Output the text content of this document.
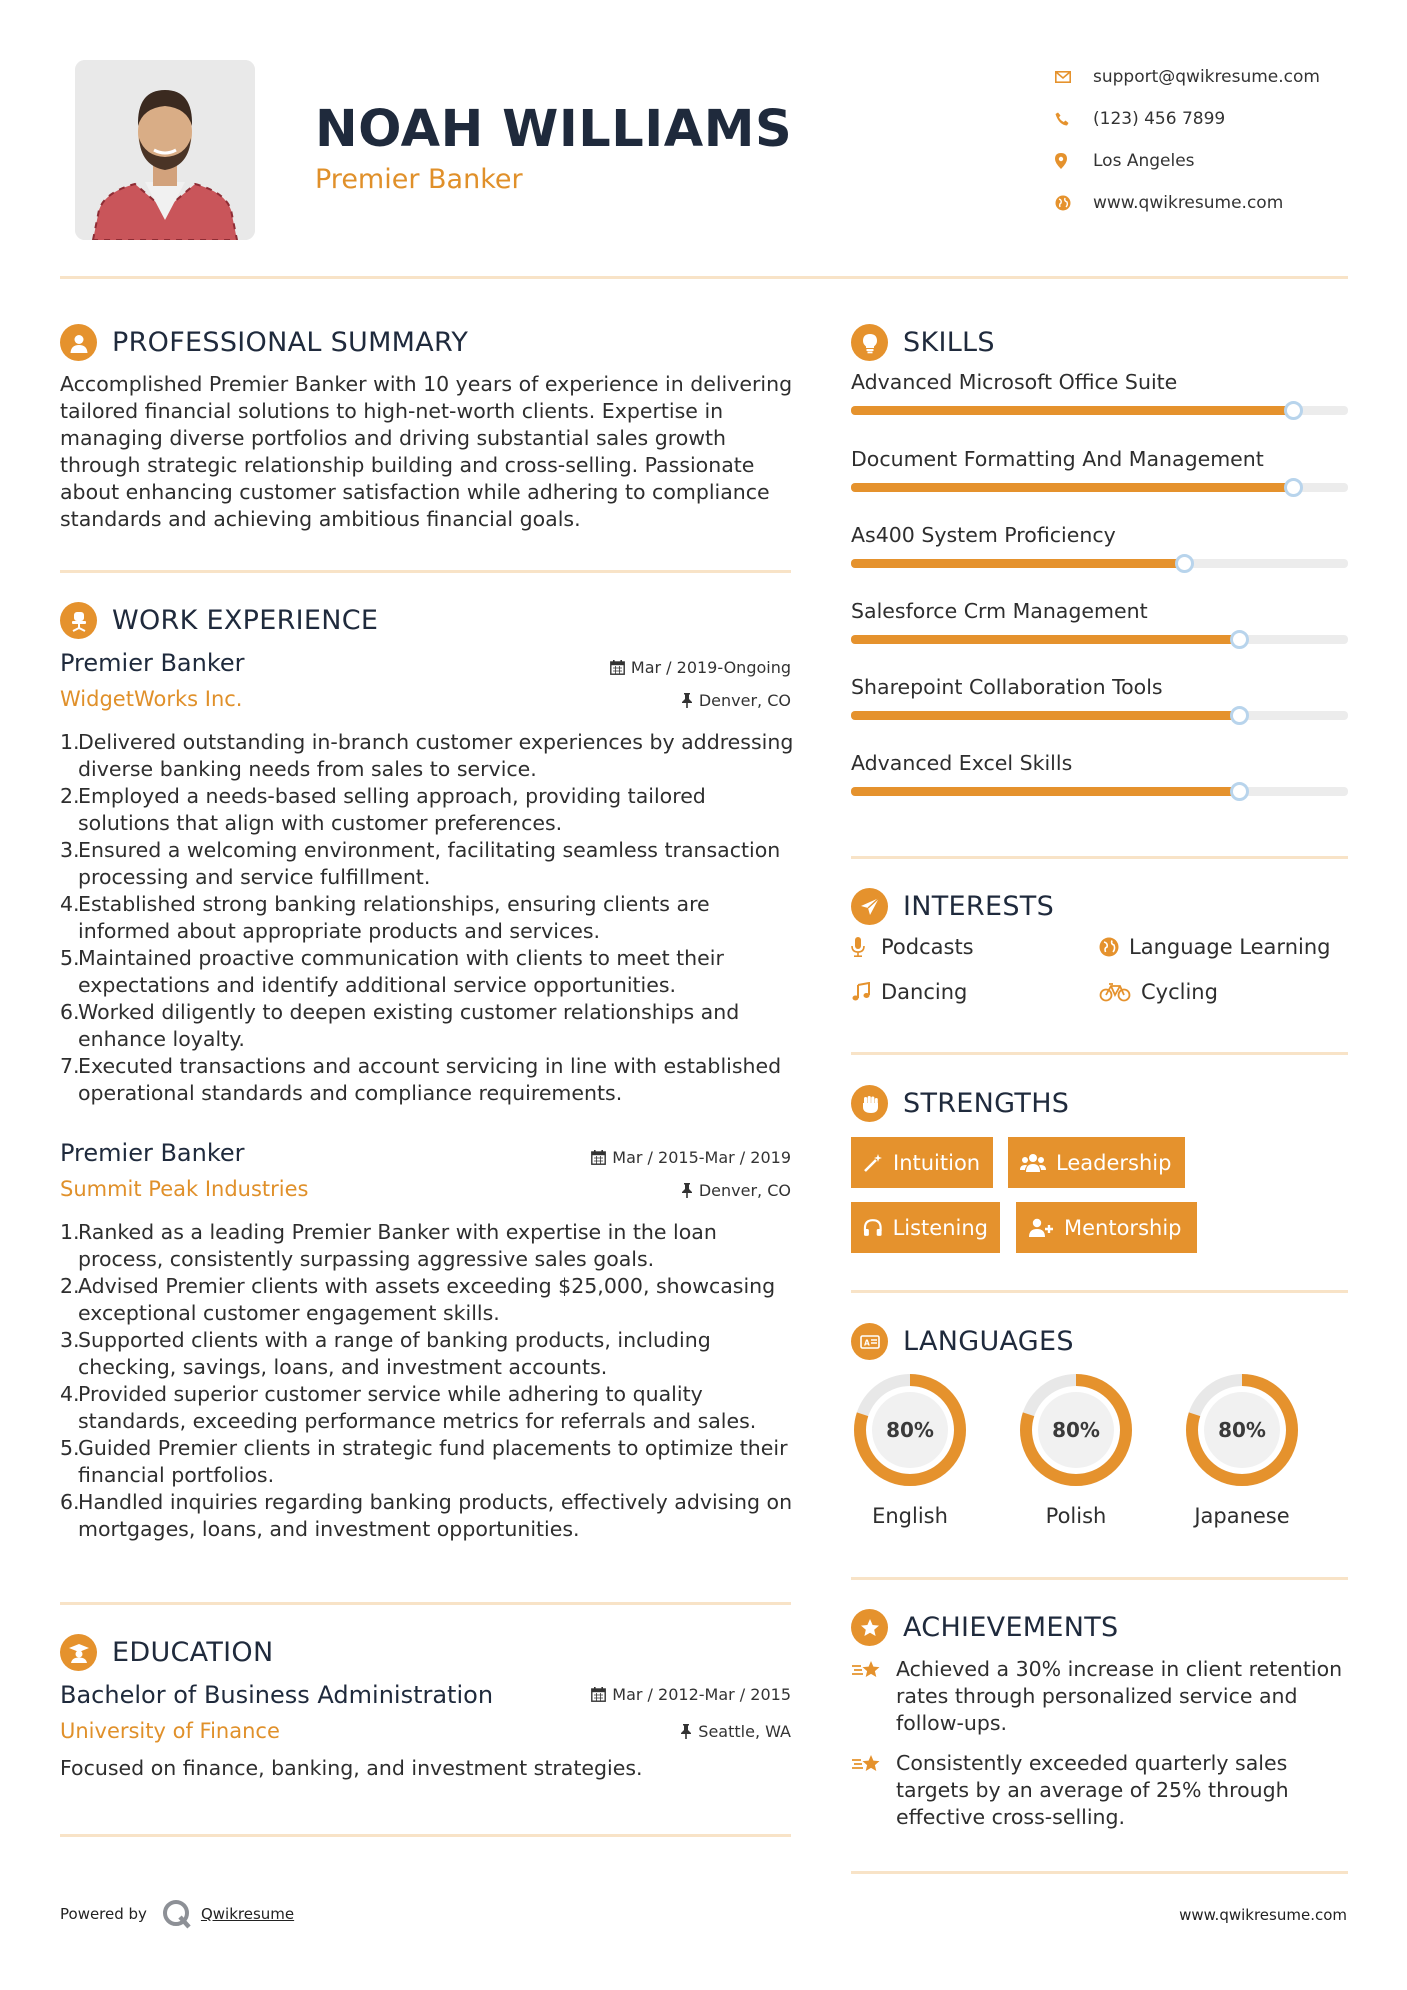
NOAH WILLIAMS
Premier Banker
support@qwikresume.com
(123) 456 7899
Los Angeles
www.qwikresume.com
PROFESSIONAL SUMMARY
Accomplished Premier Banker with 10 years of experience in delivering tailored financial solutions to high-net-worth clients. Expertise in managing diverse portfolios and driving substantial sales growth through strategic relationship building and cross-selling. Passionate about enhancing customer satisfaction while adhering to compliance standards and achieving ambitious financial goals.
WORK EXPERIENCE
Premier Banker	Mar / 2019-Ongoing
WidgetWorks Inc.	Denver, CO
1.
Delivered outstanding in-branch customer experiences by addressing diverse banking needs from sales to service.
2.
Employed a needs-based selling approach, providing tailored solutions that align with customer preferences.
3.
Ensured a welcoming environment, facilitating seamless transaction processing and service fulfillment.
4.
Established strong banking relationships, ensuring clients are informed about appropriate products and services.
5.
Maintained proactive communication with clients to meet their expectations and identify additional service opportunities.
6.
Worked diligently to deepen existing customer relationships and enhance loyalty.
7.
Executed transactions and account servicing in line with established operational standards and compliance requirements.
Premier Banker	Mar / 2015-Mar / 2019
Summit Peak Industries	Denver, CO
1.
Ranked as a leading Premier Banker with expertise in the loan process, consistently surpassing aggressive sales goals.
2.
Advised Premier clients with assets exceeding $25,000, showcasing exceptional customer engagement skills.
3.
Supported clients with a range of banking products, including checking, savings, loans, and investment accounts.
4.
Provided superior customer service while adhering to quality standards, exceeding performance metrics for referrals and sales.
5.
Guided Premier clients in strategic fund placements to optimize their financial portfolios.
6.
Handled inquiries regarding banking products, effectively advising on mortgages, loans, and investment opportunities.
EDUCATION
Bachelor of Business Administration	Mar / 2012-Mar / 2015
University of Finance	Seattle, WA
Focused on finance, banking, and investment strategies.
SKILLS
Advanced Microsoft Office Suite
Document Formatting And Management
As400 System Proficiency
Salesforce Crm Management
Sharepoint Collaboration Tools
Advanced Excel Skills
INTERESTS
Podcasts	Language Learning
Dancing	Cycling
STRENGTHS
Intuition	Leadership
Listening	Mentorship
A LANGUAGES
80%
English
80%
Polish
80%
Japanese
ACHIEVEMENTS
Achieved a 30% increase in client retention rates through personalized service and follow-ups.
Consistently exceeded quarterly sales targets by an average of 25% through effective cross-selling.
Powered by	Qwikresume	www.qwikresume.com
